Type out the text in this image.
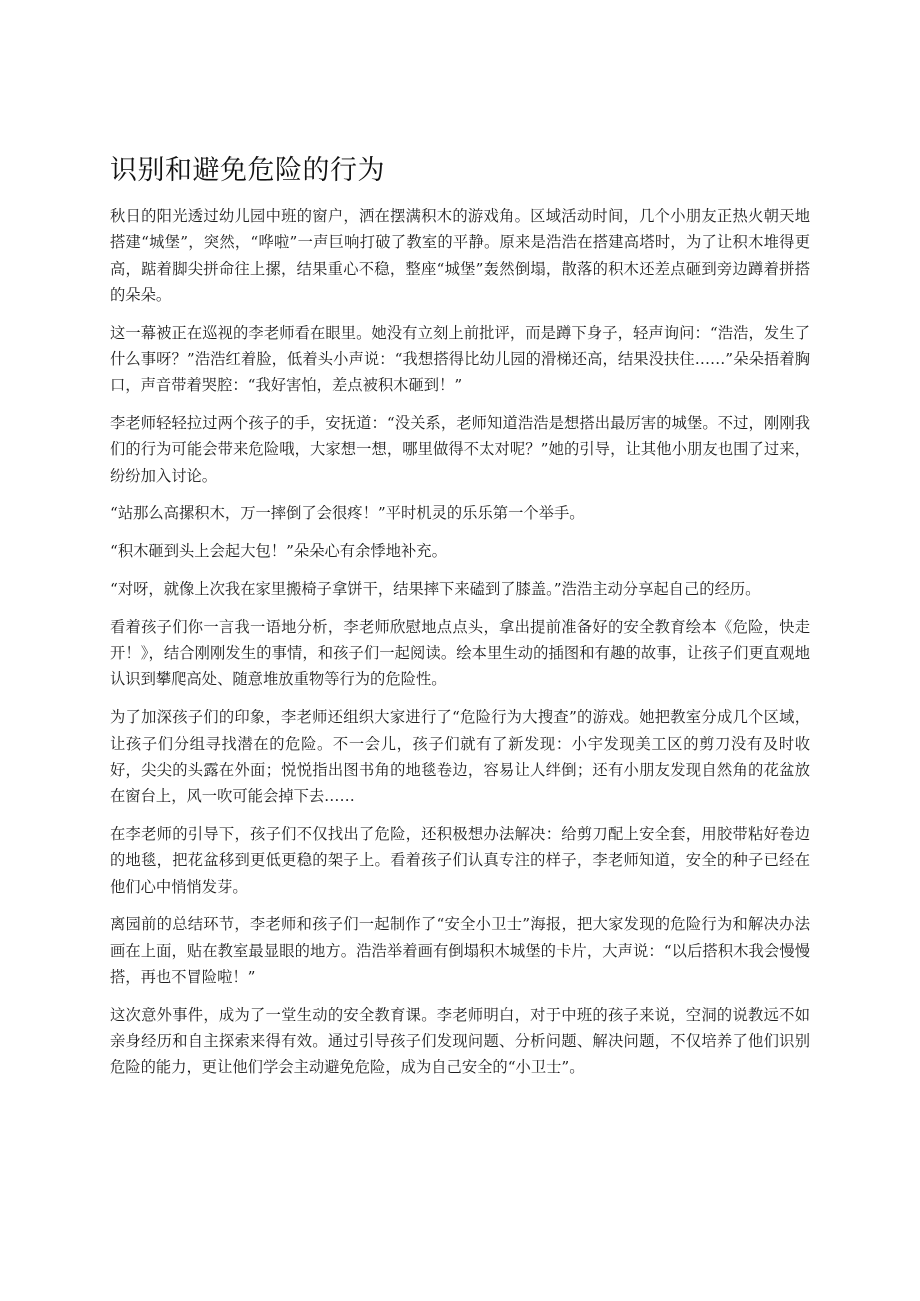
识别和避免危险的行为

秋日的阳光透过幼儿园中班的窗户，洒在摆满积木的游戏角。区域活动时间，几个小朋友正热火朝天地搭建“城堡”，突然，“哗啦”一声巨响打破了教室的平静。原来是浩浩在搭建高塔时，为了让积木堆得更高，踮着脚尖拼命往上摞，结果重心不稳，整座“城堡”轰然倒塌，散落的积木还差点砸到旁边蹲着拼搭的朵朵。

这一幕被正在巡视的李老师看在眼里。她没有立刻上前批评，而是蹲下身子，轻声询问：“浩浩，发生了什么事呀？”浩浩红着脸，低着头小声说：“我想搭得比幼儿园的滑梯还高，结果没扶住……”朵朵捂着胸口，声音带着哭腔：“我好害怕，差点被积木砸到！”

李老师轻轻拉过两个孩子的手，安抚道：“没关系，老师知道浩浩是想搭出最厉害的城堡。不过，刚刚我们的行为可能会带来危险哦，大家想一想，哪里做得不太对呢？”她的引导，让其他小朋友也围了过来，纷纷加入讨论。

“站那么高摞积木，万一摔倒了会很疼！”平时机灵的乐乐第一个举手。

“积木砸到头上会起大包！”朵朵心有余悸地补充。

“对呀，就像上次我在家里搬椅子拿饼干，结果摔下来磕到了膝盖。”浩浩主动分享起自己的经历。

看着孩子们你一言我一语地分析，李老师欣慰地点点头，拿出提前准备好的安全教育绘本《危险，快走开！》，结合刚刚发生的事情，和孩子们一起阅读。绘本里生动的插图和有趣的故事，让孩子们更直观地认识到攀爬高处、随意堆放重物等行为的危险性。

为了加深孩子们的印象，李老师还组织大家进行了“危险行为大搜查”的游戏。她把教室分成几个区域，让孩子们分组寻找潜在的危险。不一会儿，孩子们就有了新发现：小宇发现美工区的剪刀没有及时收好，尖尖的头露在外面；悦悦指出图书角的地毯卷边，容易让人绊倒；还有小朋友发现自然角的花盆放在窗台上，风一吹可能会掉下去……

在李老师的引导下，孩子们不仅找出了危险，还积极想办法解决：给剪刀配上安全套，用胶带粘好卷边的地毯，把花盆移到更低更稳的架子上。看着孩子们认真专注的样子，李老师知道，安全的种子已经在他们心中悄悄发芽。

离园前的总结环节，李老师和孩子们一起制作了“安全小卫士”海报，把大家发现的危险行为和解决办法画在上面，贴在教室最显眼的地方。浩浩举着画有倒塌积木城堡的卡片，大声说：“以后搭积木我会慢慢搭，再也不冒险啦！”

这次意外事件，成为了一堂生动的安全教育课。李老师明白，对于中班的孩子来说，空洞的说教远不如亲身经历和自主探索来得有效。通过引导孩子们发现问题、分析问题、解决问题，不仅培养了他们识别危险的能力，更让他们学会主动避免危险，成为自己安全的“小卫士”。
